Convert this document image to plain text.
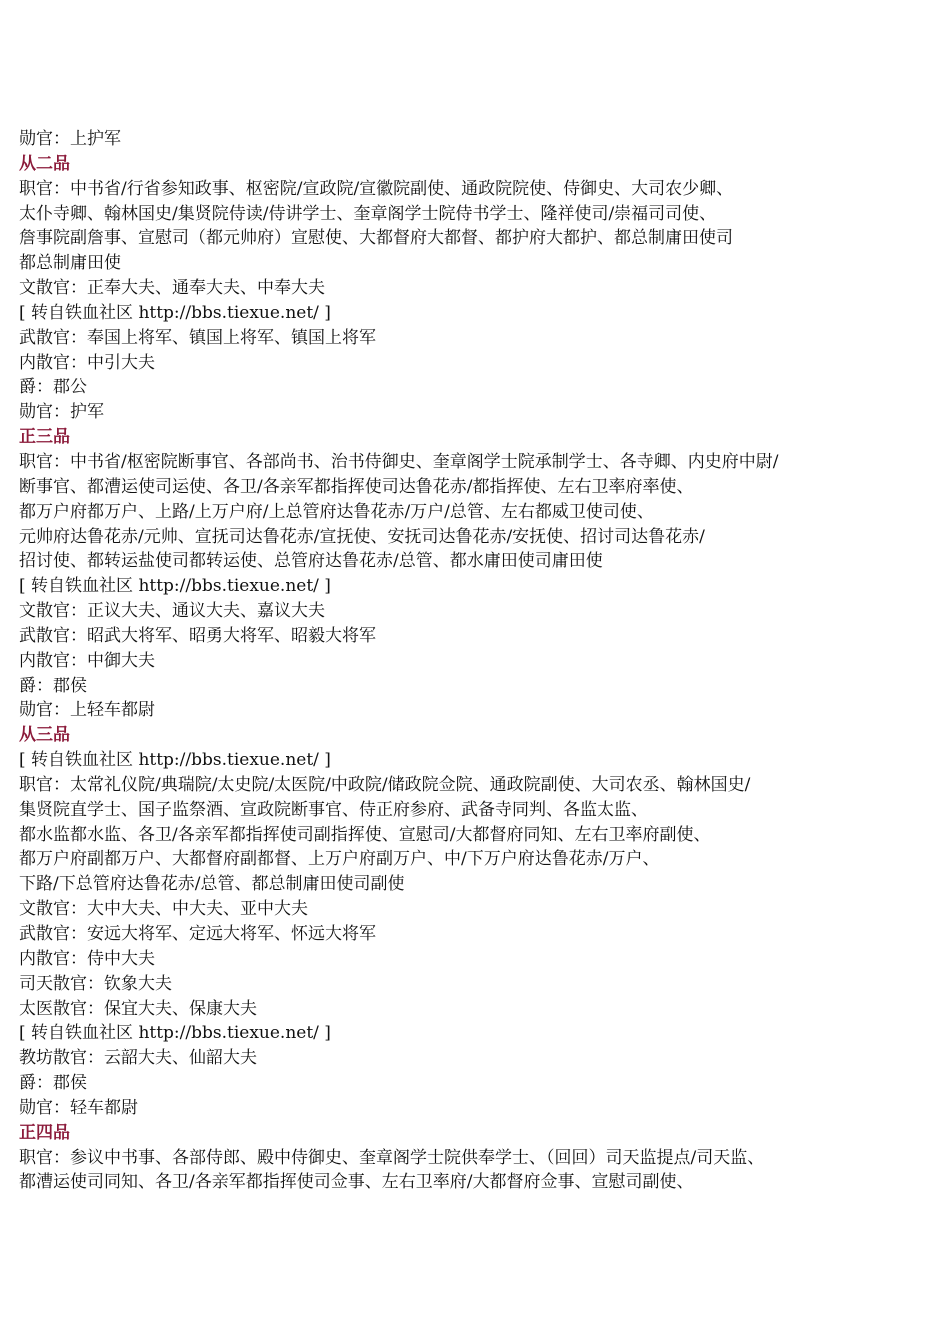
勋官：上护军
从二品
职官：中书省/行省参知政事、枢密院/宣政院/宣徽院副使、通政院院使、侍御史、大司农少卿、
太仆寺卿、翰林国史/集贤院侍读/侍讲学士、奎章阁学士院侍书学士、隆祥使司/崇福司司使、
詹事院副詹事、宣慰司（都元帅府）宣慰使、大都督府大都督、都护府大都护、都总制庸田使司
都总制庸田使
文散官：正奉大夫、通奉大夫、中奉大夫
[ 转自铁血社区 http://bbs.tiexue.net/ ]
武散官：奉国上将军、镇国上将军、镇国上将军
内散官：中引大夫
爵：郡公
勋官：护军
正三品
职官：中书省/枢密院断事官、各部尚书、治书侍御史、奎章阁学士院承制学士、各寺卿、内史府中尉/
断事官、都漕运使司运使、各卫/各亲军都指挥使司达鲁花赤/都指挥使、左右卫率府率使、
都万户府都万户、上路/上万户府/上总管府达鲁花赤/万户/总管、左右都威卫使司使、
元帅府达鲁花赤/元帅、宣抚司达鲁花赤/宣抚使、安抚司达鲁花赤/安抚使、招讨司达鲁花赤/
招讨使、都转运盐使司都转运使、总管府达鲁花赤/总管、都水庸田使司庸田使
[ 转自铁血社区 http://bbs.tiexue.net/ ]
文散官：正议大夫、通议大夫、嘉议大夫
武散官：昭武大将军、昭勇大将军、昭毅大将军
内散官：中御大夫
爵：郡侯
勋官：上轻车都尉
从三品
[ 转自铁血社区 http://bbs.tiexue.net/ ]
职官：太常礼仪院/典瑞院/太史院/太医院/中政院/储政院佥院、通政院副使、大司农丞、翰林国史/
集贤院直学士、国子监祭酒、宣政院断事官、侍正府参府、武备寺同判、各监太监、
都水监都水监、各卫/各亲军都指挥使司副指挥使、宣慰司/大都督府同知、左右卫率府副使、
都万户府副都万户、大都督府副都督、上万户府副万户、中/下万户府达鲁花赤/万户、
下路/下总管府达鲁花赤/总管、都总制庸田使司副使
文散官：大中大夫、中大夫、亚中大夫
武散官：安远大将军、定远大将军、怀远大将军
内散官：侍中大夫
司天散官：钦象大夫
太医散官：保宜大夫、保康大夫
[ 转自铁血社区 http://bbs.tiexue.net/ ]
教坊散官：云韶大夫、仙韶大夫
爵：郡侯
勋官：轻车都尉
正四品
职官：参议中书事、各部侍郎、殿中侍御史、奎章阁学士院供奉学士、（回回）司天监提点/司天监、
都漕运使司同知、各卫/各亲军都指挥使司佥事、左右卫率府/大都督府佥事、宣慰司副使、
